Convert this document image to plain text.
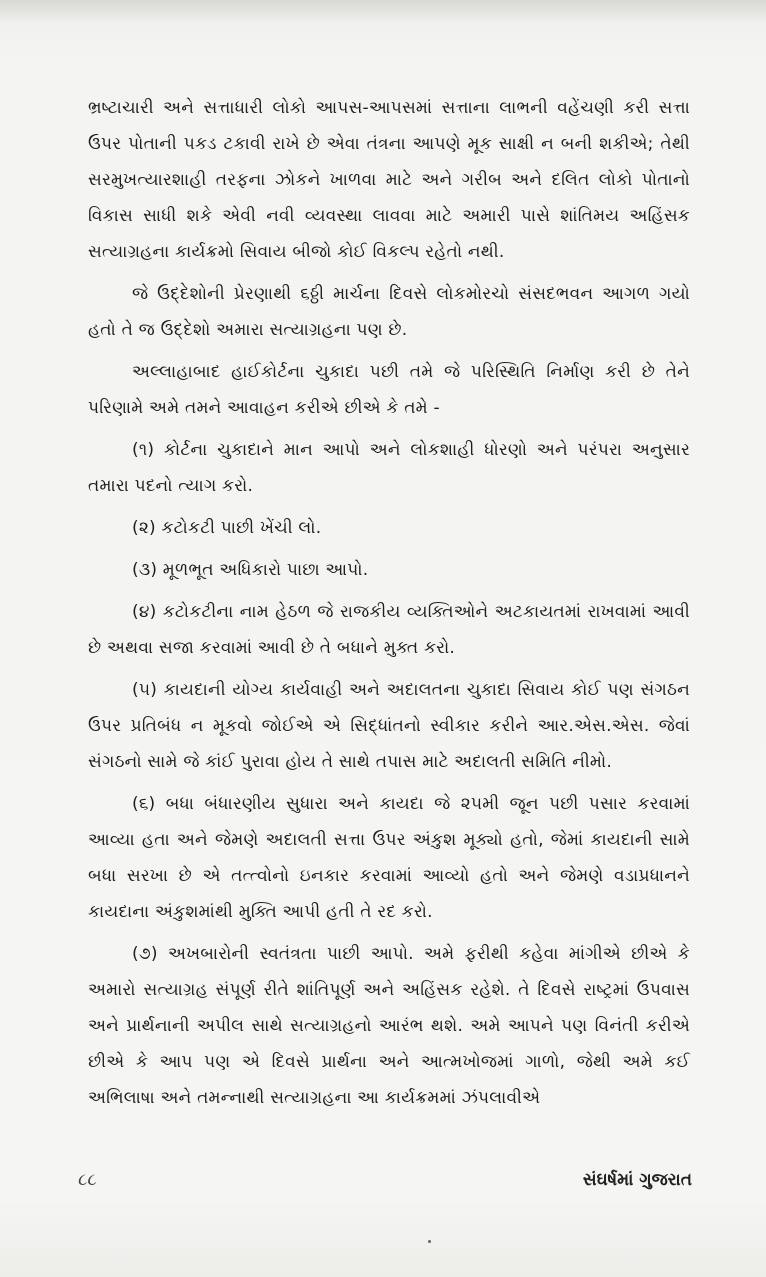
ભ્રષ્ટાચારી અને સત્તાધારી લોકો આપસ-આપસમાં સત્તાના લાભની વહેંચણી કરી સત્તા ઉપર પોતાની પકડ ટકાવી રાખે છે એવા તંત્રના આપણે મૂક સાક્ષી ન બની શકીએ; તેથી સરમુખત્યારશાહી તરફના ઝોકને ખાળવા માટે અને ગરીબ અને દલિત લોકો પોતાનો વિકાસ સાધી શકે એવી નવી વ્યવસ્થા લાવવા માટે અમારી પાસે શાંતિમય અહિંસક સત્યાગ્રહના કાર્યક્રમો સિવાય બીજો કોઈ વિકલ્પ રહેતો નથી.

જે ઉદ્દેશોની પ્રેરણાથી ૬ઠ્ઠી માર્ચના દિવસે લોકમોરચો સંસદભવન આગળ ગયો હતો તે જ ઉદ્દેશો અમારા સત્યાગ્રહના પણ છે.

અલ્લાહાબાદ હાઈકોર્ટના ચુકાદા પછી તમે જે પરિસ્થિતિ નિર્માણ કરી છે તેને પરિણામે અમે તમને આવાહન કરીએ છીએ કે તમે -

(૧) કોર્ટના ચુકાદાને માન આપો અને લોકશાહી ધોરણો અને પરંપરા અનુસાર તમારા પદનો ત્યાગ કરો.

(૨) કટોકટી પાછી ખેંચી લો.

(૩) મૂળભૂત અધિકારો પાછા આપો.

(૪) કટોકટીના નામ હેઠળ જે રાજકીય વ્યક્તિઓને અટકાયતમાં રાખવામાં આવી છે અથવા સજા કરવામાં આવી છે તે બધાને મુક્ત કરો.

(૫) કાયદાની યોગ્ય કાર્યવાહી અને અદાલતના ચુકાદા સિવાય કોઈ પણ સંગઠન ઉપર પ્રતિબંધ ન મૂકવો જોઈએ એ સિદ્ધાંતનો સ્વીકાર કરીને આર.એસ.એસ. જેવાં સંગઠનો સામે જે કાંઈ પુરાવા હોય તે સાથે તપાસ માટે અદાલતી સમિતિ નીમો.

(૬) બધા બંધારણીય સુધારા અને કાયદા જે ૨૫મી જૂન પછી પસાર કરવામાં આવ્યા હતા અને જેમણે અદાલતી સત્તા ઉપર અંકુશ મૂક્યો હતો, જેમાં કાયદાની સામે બધા સરખા છે એ તત્ત્વોનો ઇનકાર કરવામાં આવ્યો હતો અને જેમણે વડાપ્રધાનને કાયદાના અંકુશમાંથી મુક્તિ આપી હતી તે રદ કરો.

(૭) અખબારોની સ્વતંત્રતા પાછી આપો. અમે ફરીથી કહેવા માંગીએ છીએ કે અમારો સત્યાગ્રહ સંપૂર્ણ રીતે શાંતિપૂર્ણ અને અહિંસક રહેશે. તે દિવસે રાષ્ટ્રમાં ઉપવાસ અને પ્રાર્થનાની અપીલ સાથે સત્યાગ્રહનો આરંભ થશે. અમે આપને પણ વિનંતી કરીએ છીએ કે આપ પણ એ દિવસે પ્રાર્થના અને આત્મખોજમાં ગાળો, જેથી અમે કઈ અભિલાષા અને તમન્નાથી સત્યાગ્રહના આ કાર્યક્રમમાં ઝંપલાવીએ

૮૮	સંઘર્ષમાં ગુજરાત
